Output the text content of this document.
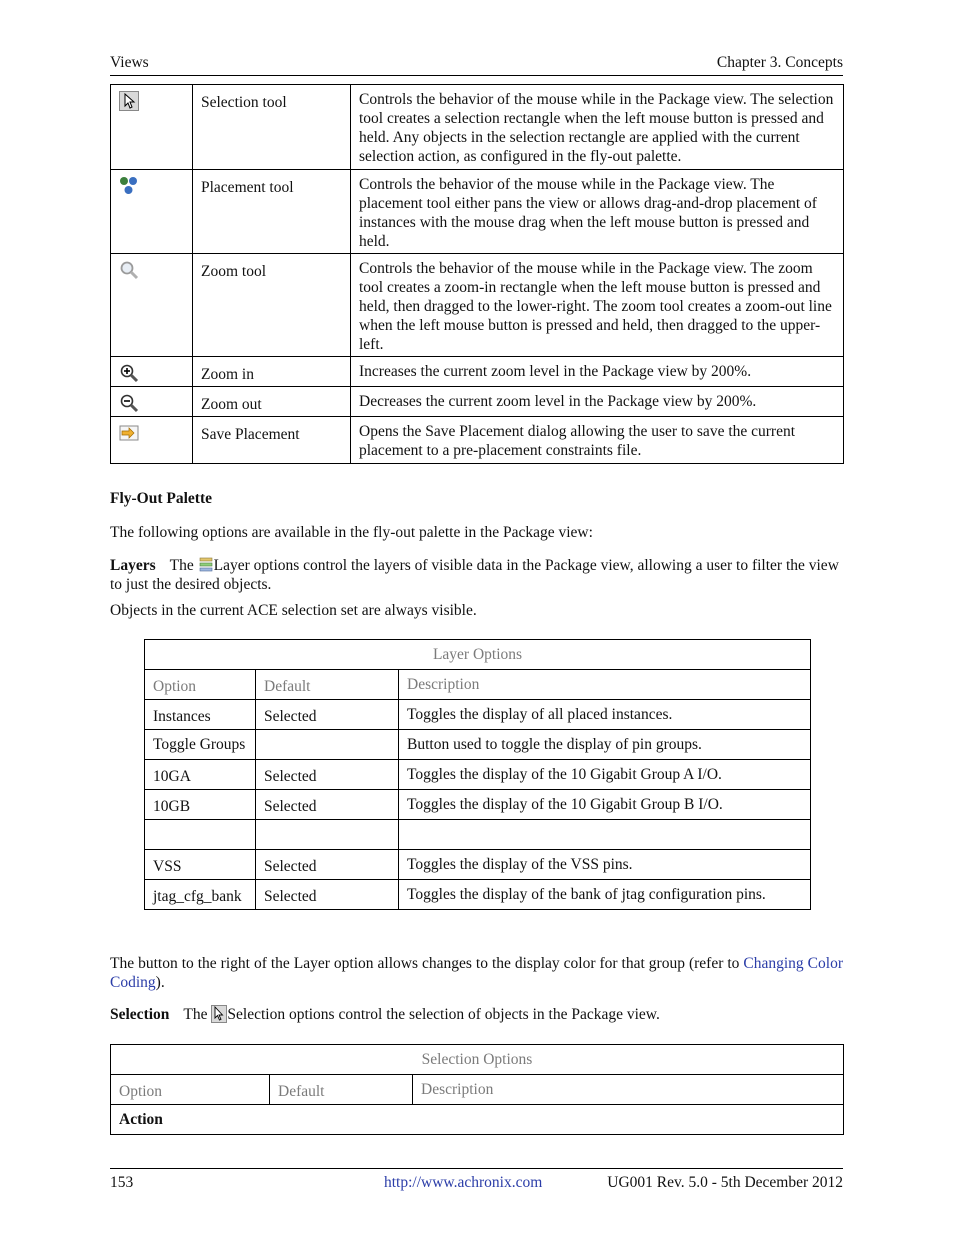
Views	Chapter 3. Concepts
	Selection tool	Controls the behavior of the mouse while in the Package view. The selection tool creates a selection rectangle when the left mouse button is pressed and held. Any objects in the selection rectangle are applied with the current selection action, as configured in the fly-out palette.
	Placement tool	Controls the behavior of the mouse while in the Package view. The placement tool either pans the view or allows drag-and-drop placement of instances with the mouse drag when the left mouse button is pressed and held.
	Zoom tool	Controls the behavior of the mouse while in the Package view. The zoom tool creates a zoom-in rectangle when the left mouse button is pressed and held, then dragged to the lower-right. The zoom tool creates a zoom-out line when the left mouse button is pressed and held, then dragged to the upper-left.
	Zoom in	Increases the current zoom level in the Package view by 200%.
	Zoom out	Decreases the current zoom level in the Package view by 200%.
	Save Placement	Opens the Save Placement dialog allowing the user to save the current placement to a pre-placement constraints file.
Fly-Out Palette
The following options are available in the fly-out palette in the Package view:
Layers The Layer options control the layers of visible data in the Package view, allowing a user to filter the view to just the desired objects.
Objects in the current ACE selection set are always visible.
Layer Options		
Option	Default	Description
Instances	Selected	Toggles the display of all placed instances.
Toggle Groups		Button used to toggle the display of pin groups.
10GA	Selected	Toggles the display of the 10 Gigabit Group A I/O.
10GB	Selected	Toggles the display of the 10 Gigabit Group B I/O.

VSS	Selected	Toggles the display of the VSS pins.
jtag_cfg_bank	Selected	Toggles the display of the bank of jtag configuration pins.
The button to the right of the Layer option allows changes to the display color for that group (refer to Changing Color Coding).
Selection The Selection options control the selection of objects in the Package view.
Selection Options
Option	Default	Description
Action
153	http://www.achronix.com	UG001 Rev. 5.0 - 5th December 2012
